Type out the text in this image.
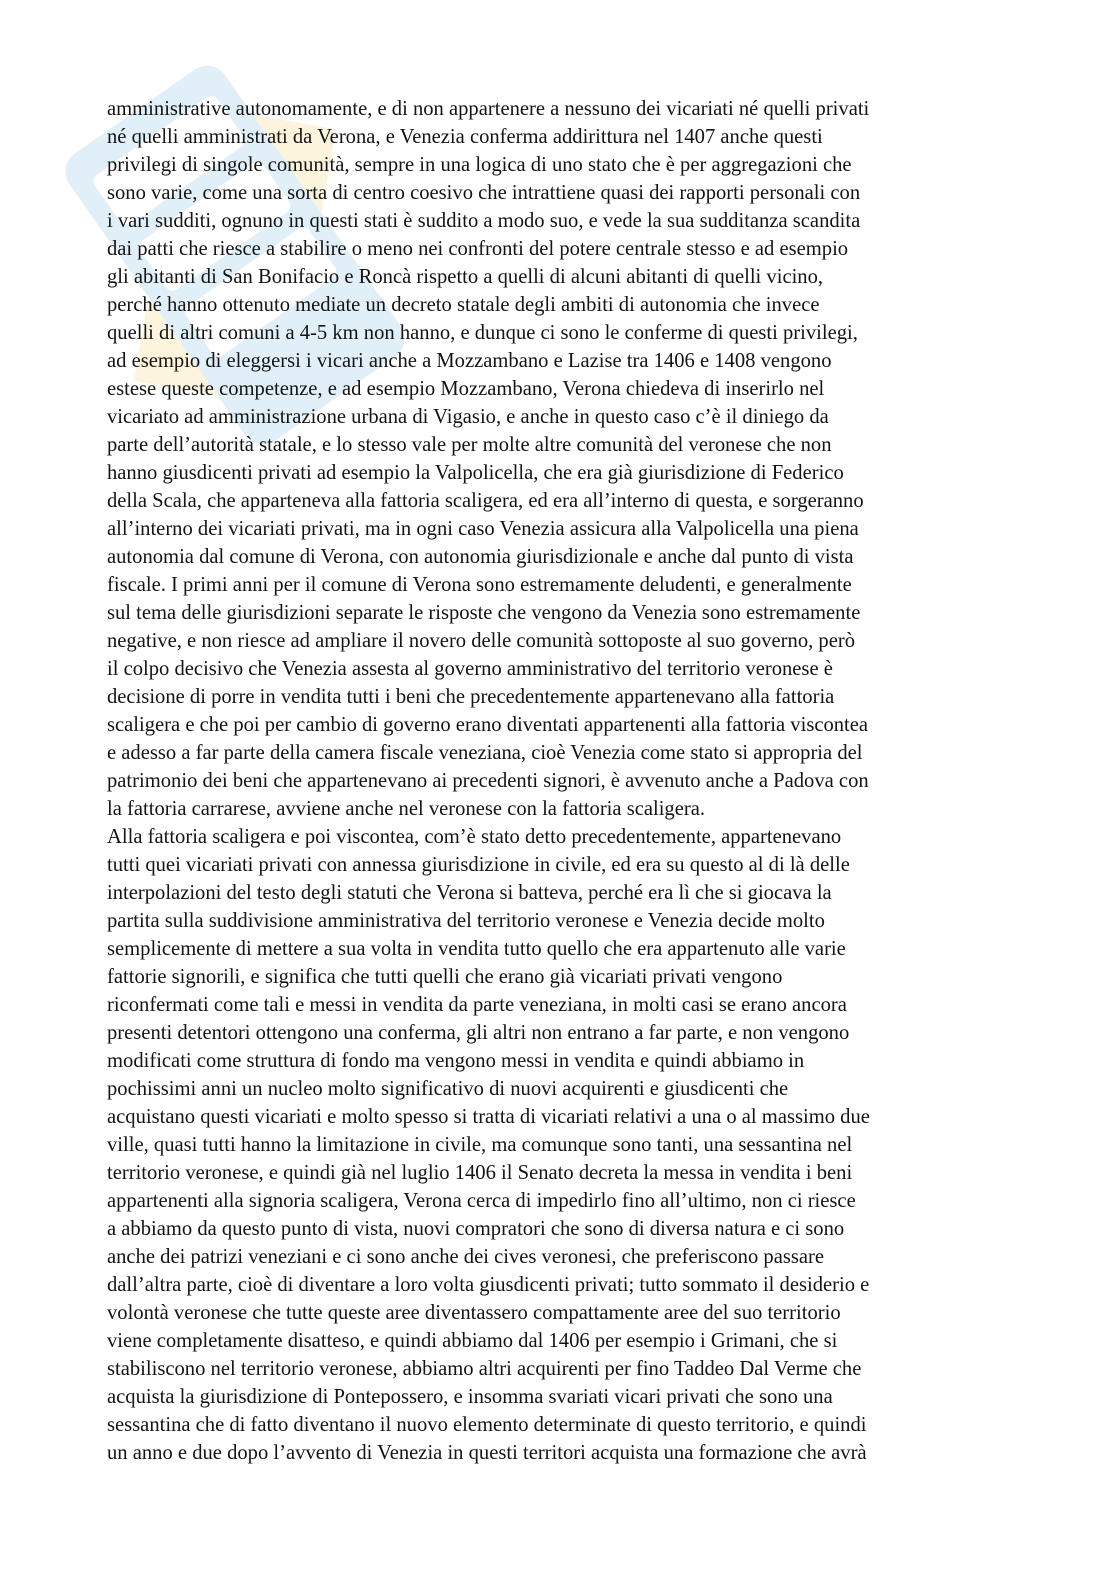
amministrative autonomamente, e di non appartenere a nessuno dei vicariati né quelli privati
né quelli amministrati da Verona, e Venezia conferma addirittura nel 1407 anche questi
privilegi di singole comunità, sempre in una logica di uno stato che è per aggregazioni che
sono varie, come una sorta di centro coesivo che intrattiene quasi dei rapporti personali con
i vari sudditi, ognuno in questi stati è suddito a modo suo, e vede la sua sudditanza scandita
dai patti che riesce a stabilire o meno nei confronti del potere centrale stesso e ad esempio
gli abitanti di San Bonifacio e Roncà rispetto a quelli di alcuni abitanti di quelli vicino,
perché hanno ottenuto mediate un decreto statale degli ambiti di autonomia che invece
quelli di altri comuni a 4-5 km non hanno, e dunque ci sono le conferme di questi privilegi,
ad esempio di eleggersi i vicari anche a Mozzambano e Lazise tra 1406 e 1408 vengono
estese queste competenze, e ad esempio Mozzambano, Verona chiedeva di inserirlo nel
vicariato ad amministrazione urbana di Vigasio, e anche in questo caso c’è il diniego da
parte dell’autorità statale, e lo stesso vale per molte altre comunità del veronese che non
hanno giusdicenti privati ad esempio la Valpolicella, che era già giurisdizione di Federico
della Scala, che apparteneva alla fattoria scaligera, ed era all’interno di questa, e sorgeranno
all’interno dei vicariati privati, ma in ogni caso Venezia assicura alla Valpolicella una piena
autonomia dal comune di Verona, con autonomia giurisdizionale e anche dal punto di vista
fiscale. I primi anni per il comune di Verona sono estremamente deludenti, e generalmente
sul tema delle giurisdizioni separate le risposte che vengono da Venezia sono estremamente
negative, e non riesce ad ampliare il novero delle comunità sottoposte al suo governo, però
il colpo decisivo che Venezia assesta al governo amministrativo del territorio veronese è
decisione di porre in vendita tutti i beni che precedentemente appartenevano alla fattoria
scaligera e che poi per cambio di governo erano diventati appartenenti alla fattoria viscontea
e adesso a far parte della camera fiscale veneziana, cioè Venezia come stato si appropria del
patrimonio dei beni che appartenevano ai precedenti signori, è avvenuto anche a Padova con
la fattoria carrarese, avviene anche nel veronese con la fattoria scaligera.
Alla fattoria scaligera e poi viscontea, com’è stato detto precedentemente, appartenevano
tutti quei vicariati privati con annessa giurisdizione in civile, ed era su questo al di là delle
interpolazioni del testo degli statuti che Verona si batteva, perché era lì che si giocava la
partita sulla suddivisione amministrativa del territorio veronese e Venezia decide molto
semplicemente di mettere a sua volta in vendita tutto quello che era appartenuto alle varie
fattorie signorili, e significa che tutti quelli che erano già vicariati privati vengono
riconfermati come tali e messi in vendita da parte veneziana, in molti casi se erano ancora
presenti detentori ottengono una conferma, gli altri non entrano a far parte, e non vengono
modificati come struttura di fondo ma vengono messi in vendita e quindi abbiamo in
pochissimi anni un nucleo molto significativo di nuovi acquirenti e giusdicenti che
acquistano questi vicariati e molto spesso si tratta di vicariati relativi a una o al massimo due
ville, quasi tutti hanno la limitazione in civile, ma comunque sono tanti, una sessantina nel
territorio veronese, e quindi già nel luglio 1406 il Senato decreta la messa in vendita i beni
appartenenti alla signoria scaligera, Verona cerca di impedirlo fino all’ultimo, non ci riesce
a abbiamo da questo punto di vista, nuovi compratori che sono di diversa natura e ci sono
anche dei patrizi veneziani e ci sono anche dei cives veronesi, che preferiscono passare
dall’altra parte, cioè di diventare a loro volta giusdicenti privati; tutto sommato il desiderio e
volontà veronese che tutte queste aree diventassero compattamente aree del suo territorio
viene completamente disatteso, e quindi abbiamo dal 1406 per esempio i Grimani, che si
stabiliscono nel territorio veronese, abbiamo altri acquirenti per fino Taddeo Dal Verme che
acquista la giurisdizione di Pontepossero, e insomma svariati vicari privati che sono una
sessantina che di fatto diventano il nuovo elemento determinate di questo territorio, e quindi
un anno e due dopo l’avvento di Venezia in questi territori acquista una formazione che avrà
